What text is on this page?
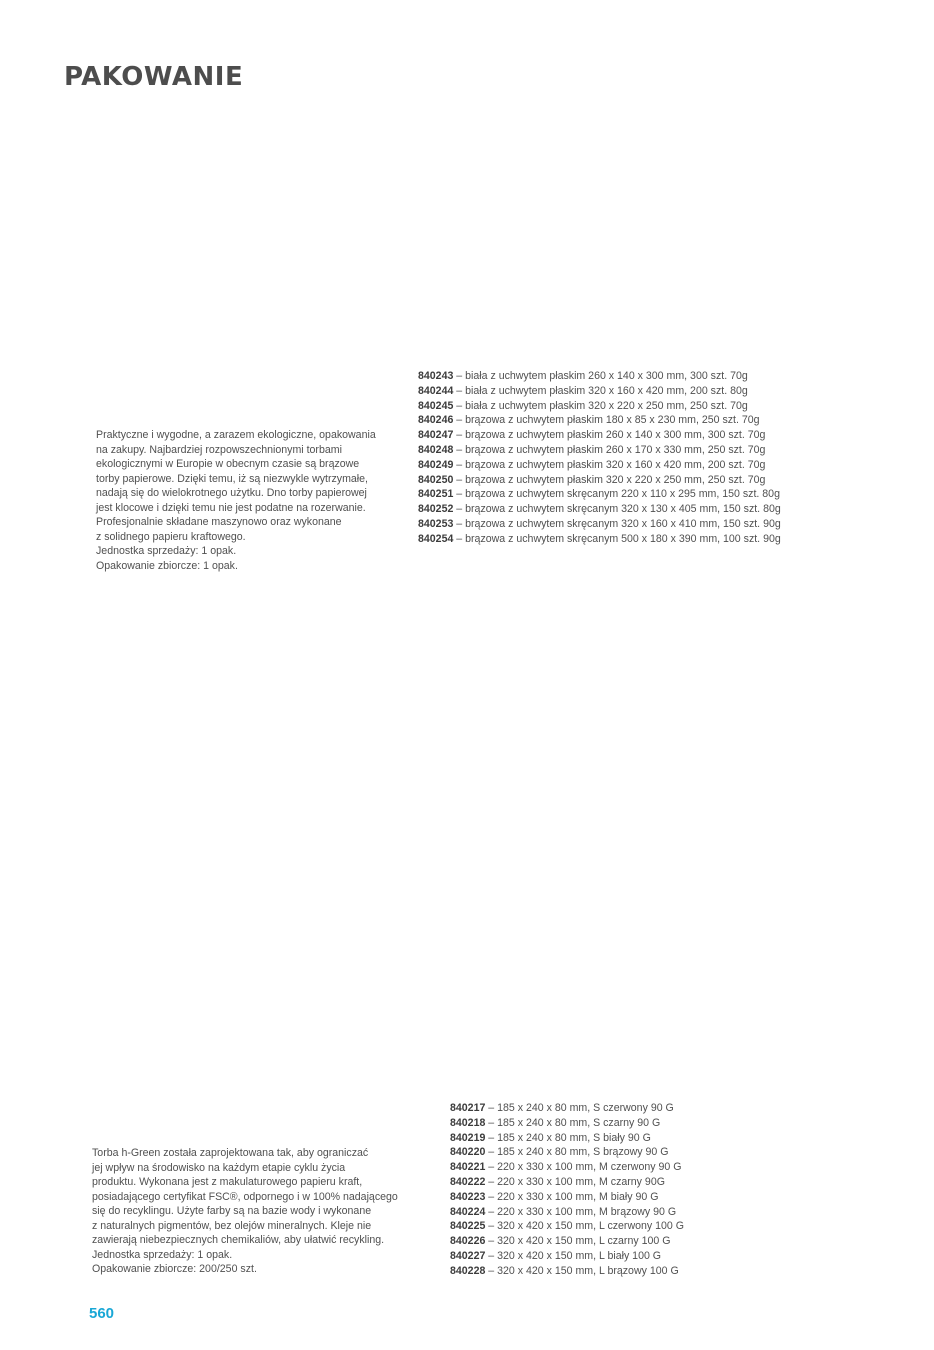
PAKOWANIE

Praktyczne i wygodne, a zarazem ekologiczne, opakowania
na zakupy. Najbardziej rozpowszechnionymi torbami
ekologicznymi w Europie w obecnym czasie są brązowe
torby papierowe. Dzięki temu, iż są niezwykle wytrzymałe,
nadają się do wielokrotnego użytku. Dno torby papierowej
jest klocowe i dzięki temu nie jest podatne na rozerwanie.
Profesjonalnie składane maszynowo oraz wykonane
z solidnego papieru kraftowego.
Jednostka sprzedaży: 1 opak.
Opakowanie zbiorcze: 1 opak.

840243 – biała z uchwytem płaskim 260 x 140 x 300 mm, 300 szt. 70g
840244 – biała z uchwytem płaskim 320 x 160 x 420 mm, 200 szt. 80g
840245 – biała z uchwytem płaskim 320 x 220 x 250 mm, 250 szt. 70g
840246 – brązowa z uchwytem płaskim 180 x 85 x 230 mm, 250 szt. 70g
840247 – brązowa z uchwytem płaskim 260 x 140 x 300 mm, 300 szt. 70g
840248 – brązowa z uchwytem płaskim 260 x 170 x 330 mm, 250 szt. 70g
840249 – brązowa z uchwytem płaskim 320 x 160 x 420 mm, 200 szt. 70g
840250 – brązowa z uchwytem płaskim 320 x 220 x 250 mm, 250 szt. 70g
840251 – brązowa z uchwytem skręcanym 220 x 110 x 295 mm, 150 szt. 80g
840252 – brązowa z uchwytem skręcanym 320 x 130 x 405 mm, 150 szt. 80g
840253 – brązowa z uchwytem skręcanym 320 x 160 x 410 mm, 150 szt. 90g
840254 – brązowa z uchwytem skręcanym 500 x 180 x 390 mm, 100 szt. 90g

Torba h-Green została zaprojektowana tak, aby ograniczać
jej wpływ na środowisko na każdym etapie cyklu życia
produktu. Wykonana jest z makulaturowego papieru kraft,
posiadającego certyfikat FSC®, odpornego i w 100% nadającego
się do recyklingu. Użyte farby są na bazie wody i wykonane
z naturalnych pigmentów, bez olejów mineralnych. Kleje nie
zawierają niebezpiecznych chemikaliów, aby ułatwić recykling.
Jednostka sprzedaży: 1 opak.
Opakowanie zbiorcze: 200/250 szt.

840217 – 185 x 240 x 80 mm, S czerwony 90 G
840218 – 185 x 240 x 80 mm, S czarny 90 G
840219 – 185 x 240 x 80 mm, S biały 90 G
840220 – 185 x 240 x 80 mm, S brązowy 90 G
840221 – 220 x 330 x 100 mm, M czerwony 90 G
840222 – 220 x 330 x 100 mm, M czarny 90G
840223 – 220 x 330 x 100 mm, M biały 90 G
840224 – 220 x 330 x 100 mm, M brązowy 90 G
840225 – 320 x 420 x 150 mm, L czerwony 100 G
840226 – 320 x 420 x 150 mm, L czarny 100 G
840227 – 320 x 420 x 150 mm, L biały 100 G
840228 – 320 x 420 x 150 mm, L brązowy 100 G
560
